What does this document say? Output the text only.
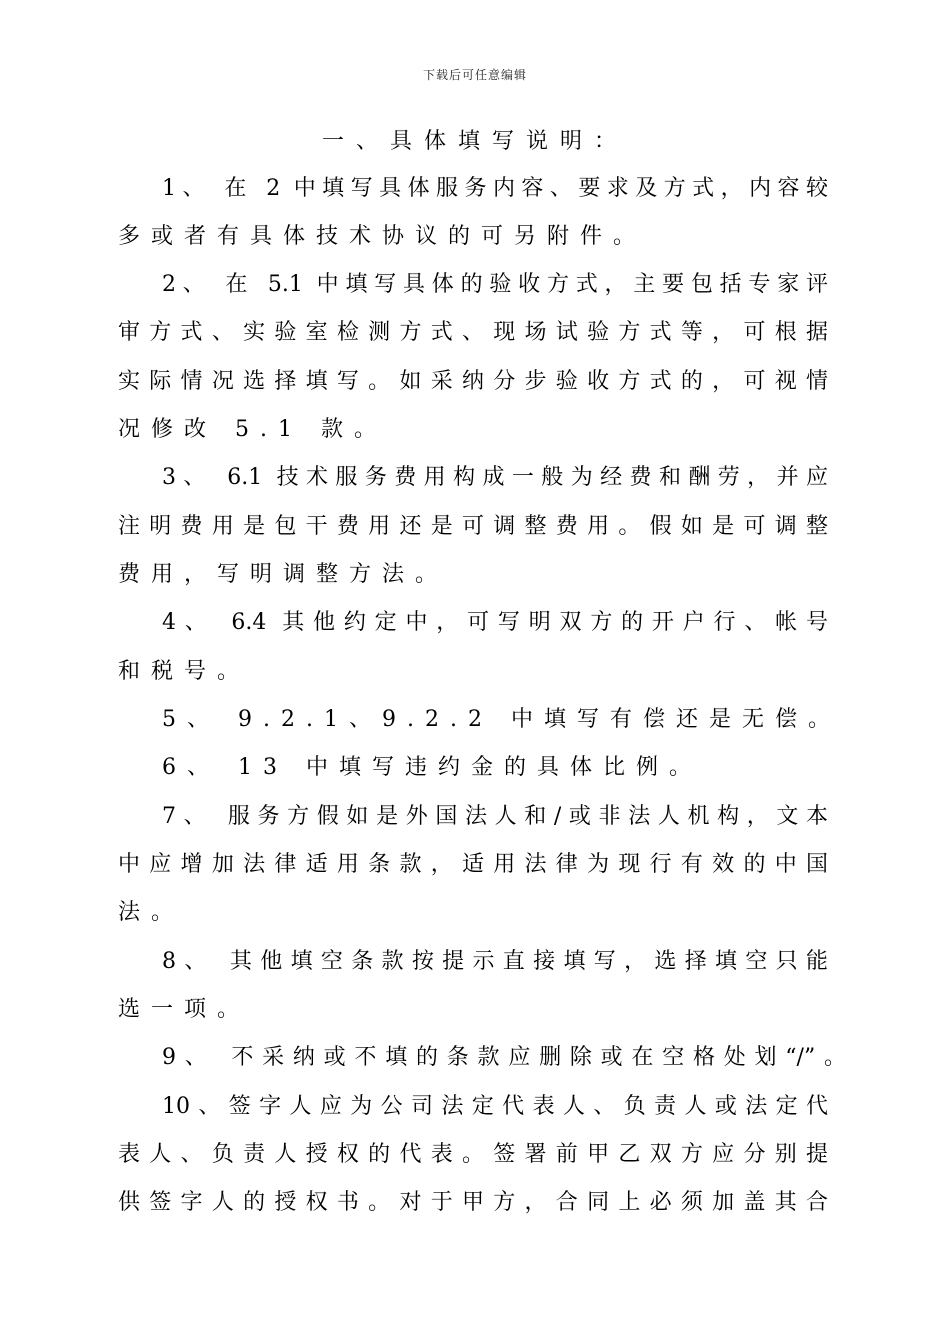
下载后可任意编辑
一、具体填写说明：
1、 在 2 中填写具体服务内容、要求及方式，内容较
多或者有具体技术协议的可另附件。
2、 在 5.1 中填写具体的验收方式，主要包括专家评
审方式、实验室检测方式、现场试验方式等，可根据
实际情况选择填写。如采纳分步验收方式的，可视情
况修改 5.1 款。
3、 6.1 技术服务费用构成一般为经费和酬劳，并应
注明费用是包干费用还是可调整费用。假如是可调整
费用，写明调整方法。
4、 6.4 其他约定中，可写明双方的开户行、帐号
和税号。
5、 9.2.1、9.2.2 中填写有偿还是无偿。
6、 13 中填写违约金的具体比例。
7、 服务方假如是外国法人和/或非法人机构，文本
中应增加法律适用条款，适用法律为现行有效的中国
法。
8、 其他填空条款按提示直接填写，选择填空只能
选一项。
9、 不采纳或不填的条款应删除或在空格处划“/”。
10、签字人应为公司法定代表人、负责人或法定代
表人、负责人授权的代表。签署前甲乙双方应分别提
供签字人的授权书。对于甲方，合同上必须加盖其合
